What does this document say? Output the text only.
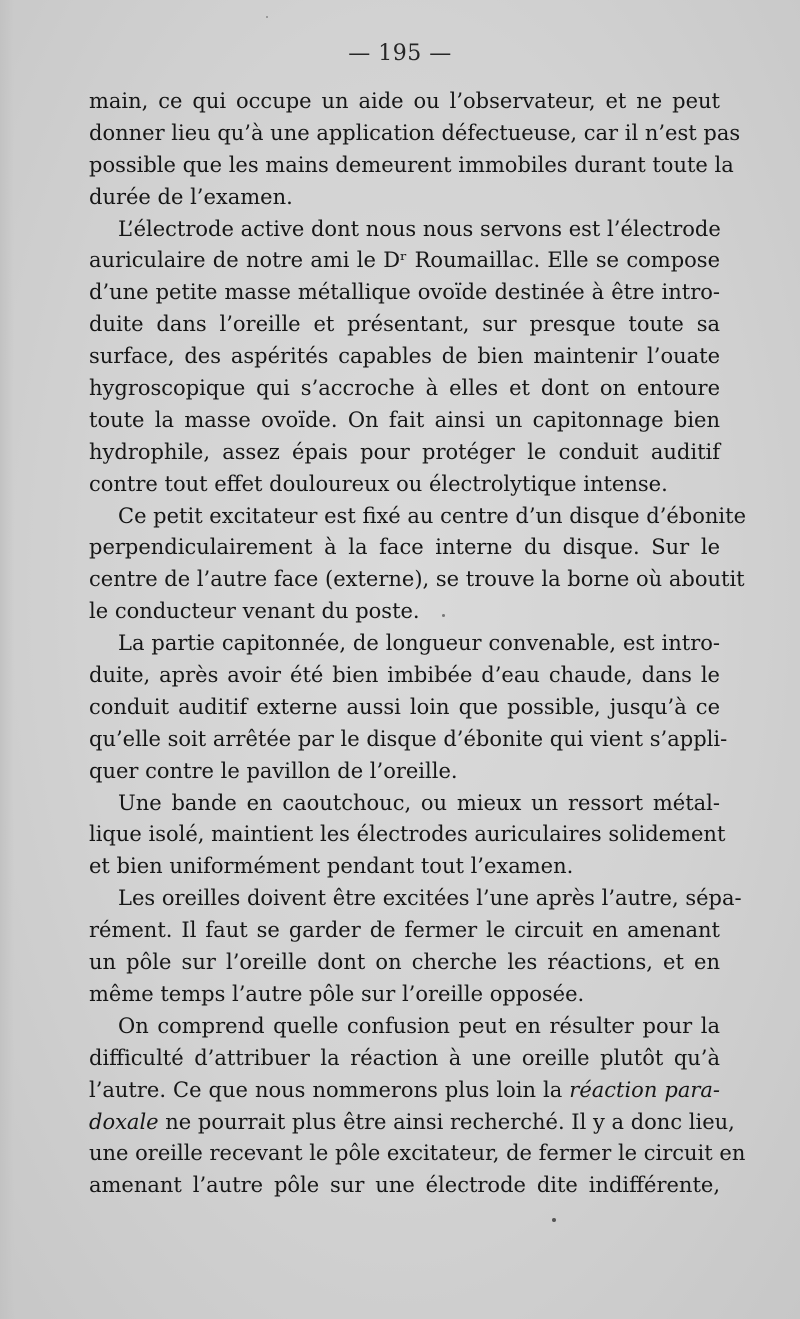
— 195 —
main, ce qui occupe un aide ou l’observateur, et ne peut
donner lieu qu’à une application défectueuse, car il n’est pas
possible que les mains demeurent immobiles durant toute la
durée de l’examen.
L’électrode active dont nous nous servons est l’électrode
auriculaire de notre ami le Dʳ Roumaillac. Elle se compose
d’une petite masse métallique ovoïde destinée à être intro-
duite dans l’oreille et présentant, sur presque toute sa
surface, des aspérités capables de bien maintenir l’ouate
hygroscopique qui s’accroche à elles et dont on entoure
toute la masse ovoïde. On fait ainsi un capitonnage bien
hydrophile, assez épais pour protéger le conduit auditif
contre tout effet douloureux ou électrolytique intense.
Ce petit excitateur est fixé au centre d’un disque d’ébonite
perpendiculairement à la face interne du disque. Sur le
centre de l’autre face (externe), se trouve la borne où aboutit
le conducteur venant du poste.
La partie capitonnée, de longueur convenable, est intro-
duite, après avoir été bien imbibée d’eau chaude, dans le
conduit auditif externe aussi loin que possible, jusqu’à ce
qu’elle soit arrêtée par le disque d’ébonite qui vient s’appli-
quer contre le pavillon de l’oreille.
Une bande en caoutchouc, ou mieux un ressort métal-
lique isolé, maintient les électrodes auriculaires solidement
et bien uniformément pendant tout l’examen.
Les oreilles doivent être excitées l’une après l’autre, sépa-
rément. Il faut se garder de fermer le circuit en amenant
un pôle sur l’oreille dont on cherche les réactions, et en
même temps l’autre pôle sur l’oreille opposée.
On comprend quelle confusion peut en résulter pour la
difficulté d’attribuer la réaction à une oreille plutôt qu’à
l’autre. Ce que nous nommerons plus loin la réaction para-
doxale ne pourrait plus être ainsi recherché. Il y a donc lieu,
une oreille recevant le pôle excitateur, de fermer le circuit en
amenant l’autre pôle sur une électrode dite indifférente,
